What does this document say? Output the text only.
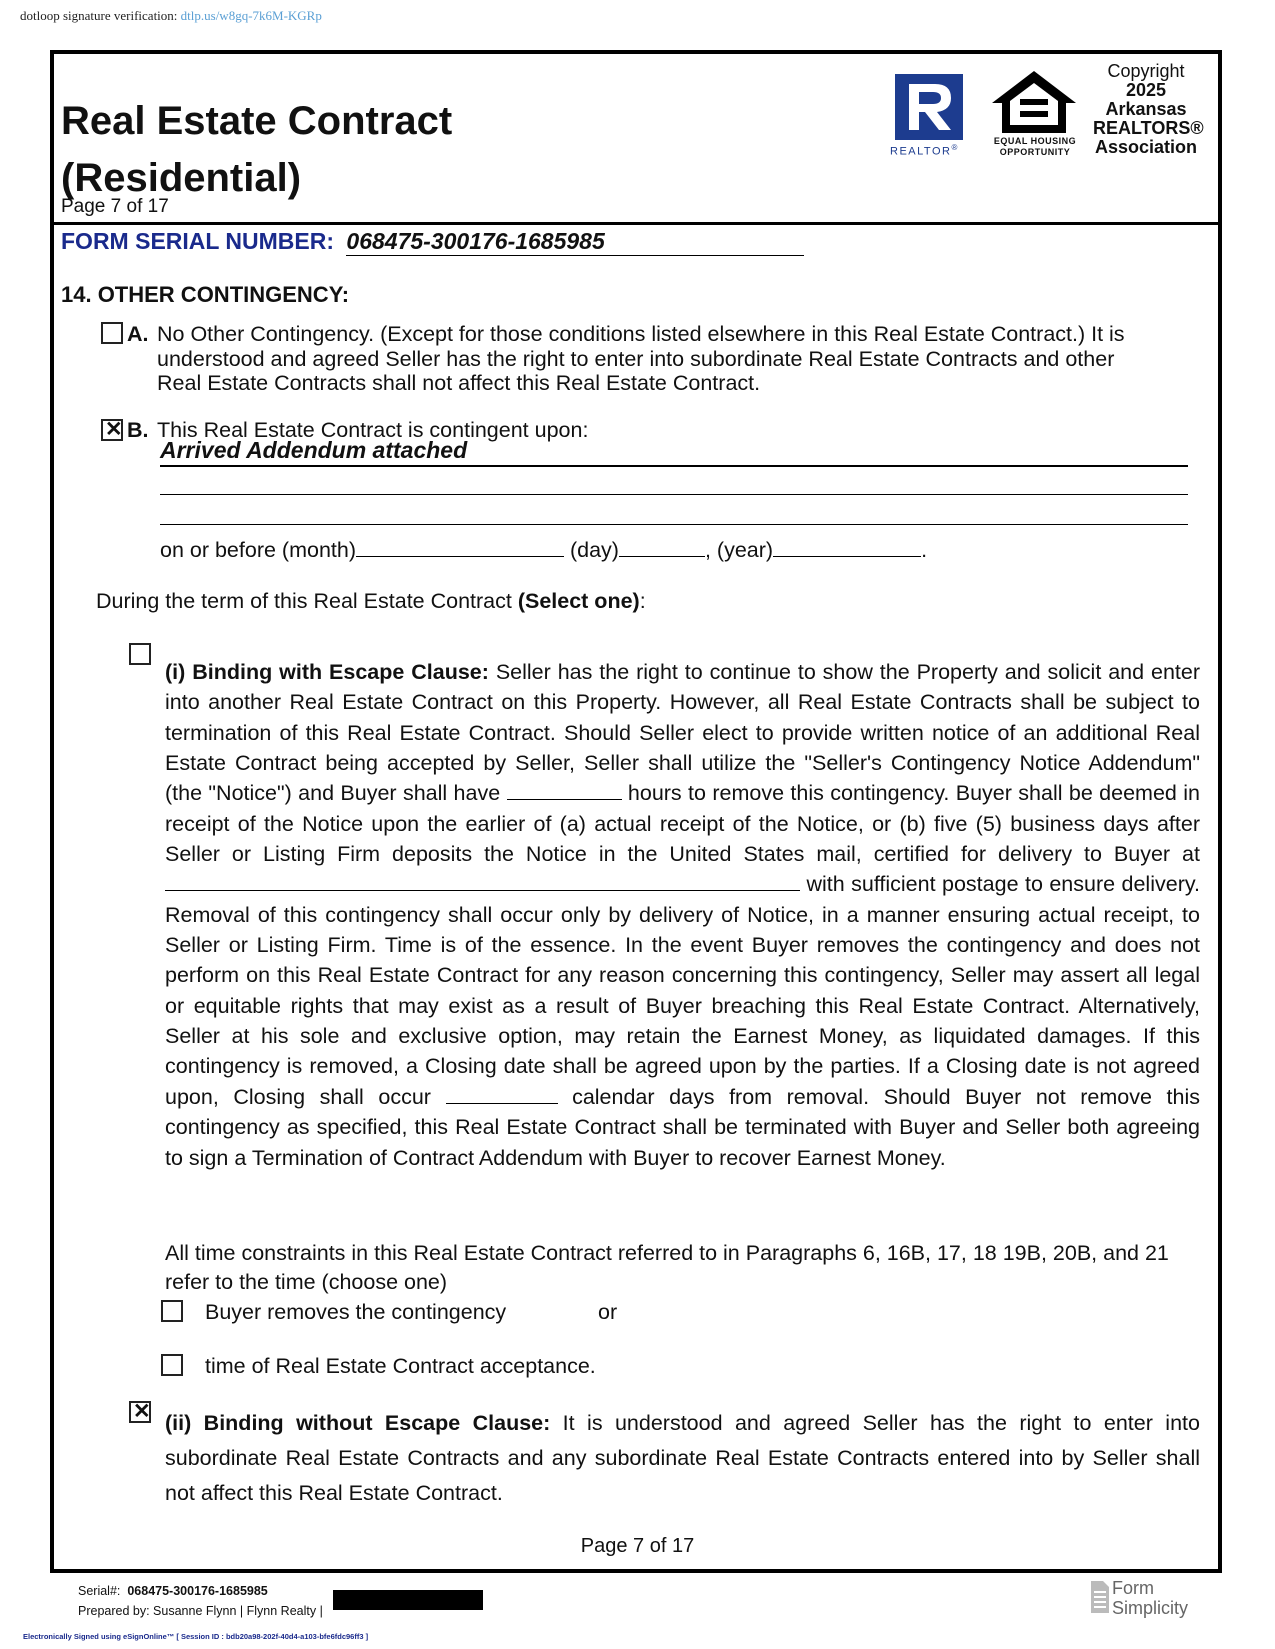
dotloop signature verification: dtlp.us/w8gq-7k6M-KGRp
Real Estate Contract
(Residential)
Page 7 of 17
REALTOR®
EQUAL HOUSING
OPPORTUNITY
Copyright
2025
Arkansas
REALTORS®
Association
FORM SERIAL NUMBER: 068475-300176-1685985
14. OTHER CONTINGENCY:
A. No Other Contingency. (Except for those conditions listed elsewhere in this Real Estate Contract.) It is
understood and agreed Seller has the right to enter into subordinate Real Estate Contracts and other
Real Estate Contracts shall not affect this Real Estate Contract.
✕
B. This Real Estate Contract is contingent upon:
Arrived Addendum attached
on or before (month)	(day)	, (year)	.
During the term of this Real Estate Contract (Select one):
(i) Binding with Escape Clause: Seller has the right to continue to show the Property and solicit and enter into another Real Estate Contract on this Property. However, all Real Estate Contracts shall be subject to termination of this Real Estate Contract. Should Seller elect to provide written notice of an additional Real Estate Contract being accepted by Seller, Seller shall utilize the "Seller's Contingency Notice Addendum" (the "Notice") and Buyer shall have	hours to remove this contingency. Buyer shall be deemed in receipt of the Notice upon the earlier of (a) actual receipt of the Notice, or (b) five (5) business days after Seller or Listing Firm deposits the Notice in the United States mail, certified for delivery to Buyer at  with sufficient postage to ensure delivery. Removal of this contingency shall occur only by delivery of Notice, in a manner ensuring actual receipt, to Seller or Listing Firm. Time is of the essence. In the event Buyer removes the contingency and does not perform on this Real Estate Contract for any reason concerning this contingency, Seller may assert all legal or equitable rights that may exist as a result of Buyer breaching this Real Estate Contract. Alternatively, Seller at his sole and exclusive option, may retain the Earnest Money, as liquidated damages. If this contingency is removed, a Closing date shall be agreed upon by the parties. If a Closing date is not agreed upon, Closing shall occur	calendar days from removal. Should Buyer not remove this contingency as specified, this Real Estate Contract shall be terminated with Buyer and Seller both agreeing to sign a Termination of Contract Addendum with Buyer to recover Earnest Money.
All time constraints in this Real Estate Contract referred to in Paragraphs 6, 16B, 17, 18 19B, 20B, and 21 refer to the time (choose one)
Buyer removes the contingency	or
time of Real Estate Contract acceptance.
✕
(ii) Binding without Escape Clause: It is understood and agreed Seller has the right to enter into subordinate Real Estate Contracts and any subordinate Real Estate Contracts entered into by Seller shall not affect this Real Estate Contract.
Page 7 of 17
Serial#: 068475-300176-1685985
Prepared by: Susanne Flynn | Flynn Realty |
Electronically Signed using eSignOnline™ [ Session ID : bdb20a98-202f-40d4-a103-bfe6fdc96ff3 ]
Form
Simplicity
